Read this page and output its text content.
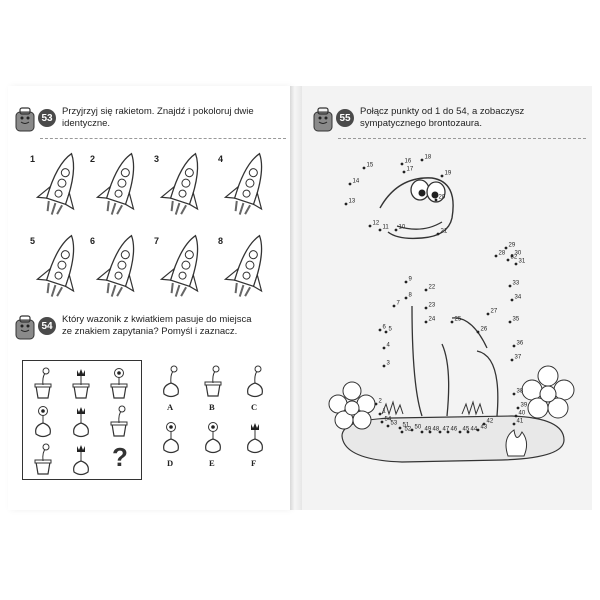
53
Przyjrzyj się rakietom. Znajdź i pokoloruj dwie
identyczne.
1	2	3	4
5	6	7	8
54
Który wazonik z kwiatkiem pasuje do miejsca
ze znakiem zapytania? Pomyśl i zaznacz.
?
A	B	C
D	E	F
55
Połącz punkty od 1 do 54, a zobaczysz
sympatycznego brontozaura.
1
2
3
4
5
6
7
8
9
10
11
12
13
14
15
16
17
18
19
20
21
22
23
24	25
26
27
28
29
30
31
32
33
34
35
36
37
38
39
40
41
42
43
44
45
46
47
48
49
50
51
52
53
54
